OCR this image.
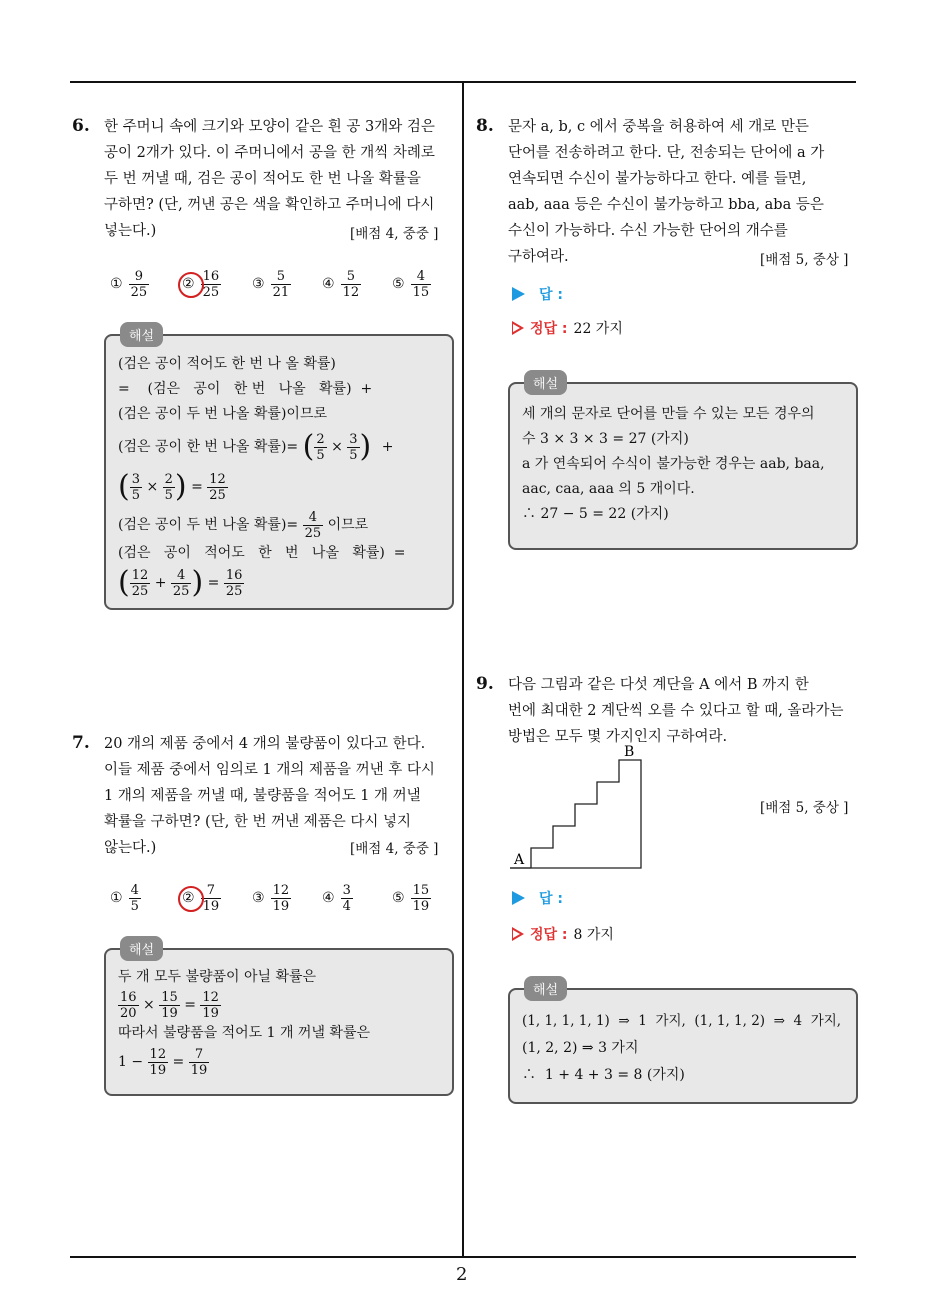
6. 한 주머니 속에 크기와 모양이 같은 흰 공 3개와 검은
공이 2개가 있다. 이 주머니에서 공을 한 개씩 차례로
두 번 꺼낼 때, 검은 공이 적어도 한 번 나올 확률을
구하면? (단, 꺼낸 공은 색을 확인하고 주머니에 다시
넣는다.)	[배점 4, 중중 ]
① $\frac{9}{25}$ ② $\frac{16}{25}$ ③ $\frac{5}{21}$ ④ $\frac{5}{12}$ ⑤ $\frac{4}{15}$
해설
(검은 공이 적어도 한 번 나 올 확률)
=    (검은   공이   한 번   나올   확률)  +
(검은 공이 두 번 나올 확률)이므로
(검은 공이 한 번 나올 확률)= ( $\frac{2}{5} \times \frac{3}{5}$ ) +
( $\frac{3}{5} \times \frac{2}{5}$ ) = $\frac{12}{25}$
(검은 공이 두 번 나올 확률)= $\frac{4}{25}$ 이므로
(검은   공이   적어도   한   번   나올   확률)  =
( $\frac{12}{25} + \frac{4}{25}$ ) = $\frac{16}{25}$
7. 20 개의 제품 중에서 4 개의 불량품이 있다고 한다.
이들 제품 중에서 임의로 1 개의 제품을 꺼낸 후 다시
1 개의 제품을 꺼낼 때, 불량품을 적어도 1 개 꺼낼
확률을 구하면? (단, 한 번 꺼낸 제품은 다시 넣지
않는다.)	[배점 4, 중중 ]
① $\frac{4}{5}$	② $\frac{7}{19}$ ③ $\frac{12}{19}$ ④ $\frac{3}{4}$	⑤ $\frac{15}{19}$
해설
두 개 모두 불량품이 아닐 확률은
$\frac{16}{20} \times \frac{15}{19} = \frac{12}{19}$
따라서 불량품을 적어도 1 개 꺼낼 확률은
$1 - \frac{12}{19} = \frac{7}{19}$
8. 문자 a, b, c 에서 중복을 허용하여 세 개로 만든
단어를 전송하려고 한다. 단, 전송되는 단어에 a 가
연속되면 수신이 불가능하다고 한다. 예를 들면,
aab, aaa 등은 수신이 불가능하고 bba, aba 등은
수신이 가능하다. 수신 가능한 단어의 개수를
구하여라.	[배점 5, 중상 ]
답 :
정답 : 22 가지
해설
세 개의 문자로 단어를 만들 수 있는 모든 경우의
수 3 × 3 × 3 = 27 (가지)
a 가 연속되어 수식이 불가능한 경우는 aab, baa,
aac, caa, aaa 의 5 개이다.
∴ 27 − 5 = 22 (가지)
9. 다음 그림과 같은 다섯 계단을 A 에서 B 까지 한
번에 최대한 2 계단씩 오를 수 있다고 할 때, 올라가는
방법은 모두 몇 가지인지 구하여라.
A
B
[배점 5, 중상 ]
답 :
정답 : 8 가지
해설
(1, 1, 1, 1, 1)  ⇒  1  가지,  (1, 1, 1, 2)  ⇒  4  가지,
(1, 2, 2) ⇒ 3 가지
∴  1 + 4 + 3 = 8 (가지)
2
